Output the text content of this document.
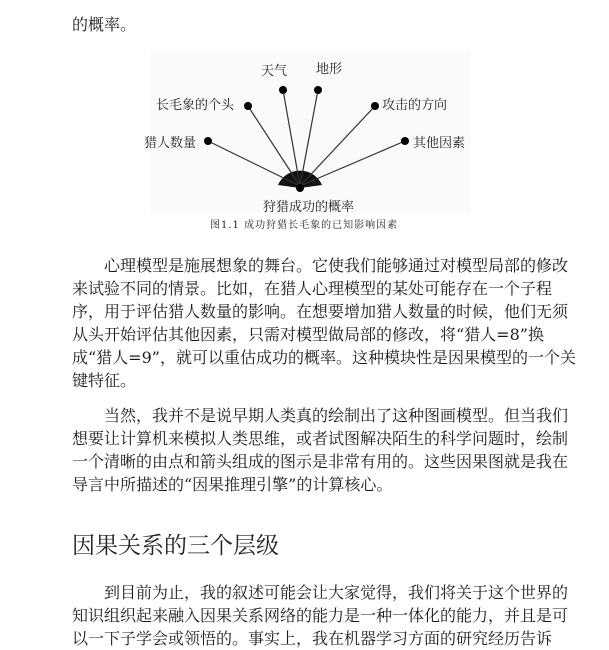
的概率。
天气 地形
长毛象的个头	攻击的方向
猎人数量	其他因素
狩猎成功的概率
图1.1 成功狩猎长毛象的已知影响因素
　　心理模型是施展想象的舞台。它使我们能够通过对模型局部的修改
来试验不同的情景。比如，在猎人心理模型的某处可能存在一个子程
序，用于评估猎人数量的影响。在想要增加猎人数量的时候，他们无须
从头开始评估其他因素，只需对模型做局部的修改，将“猎人=8”换
成“猎人=9”，就可以重估成功的概率。这种模块性是因果模型的一个关
键特征。
　　当然，我并不是说早期人类真的绘制出了这种图画模型。但当我们
想要让计算机来模拟人类思维，或者试图解决陌生的科学问题时，绘制
一个清晰的由点和箭头组成的图示是非常有用的。这些因果图就是我在
导言中所描述的“因果推理引擎”的计算核心。
因果关系的三个层级
　　到目前为止，我的叙述可能会让大家觉得，我们将关于这个世界的
知识组织起来融入因果关系网络的能力是一种一体化的能力，并且是可
以一下子学会或领悟的。事实上，我在机器学习方面的研究经历告诉
